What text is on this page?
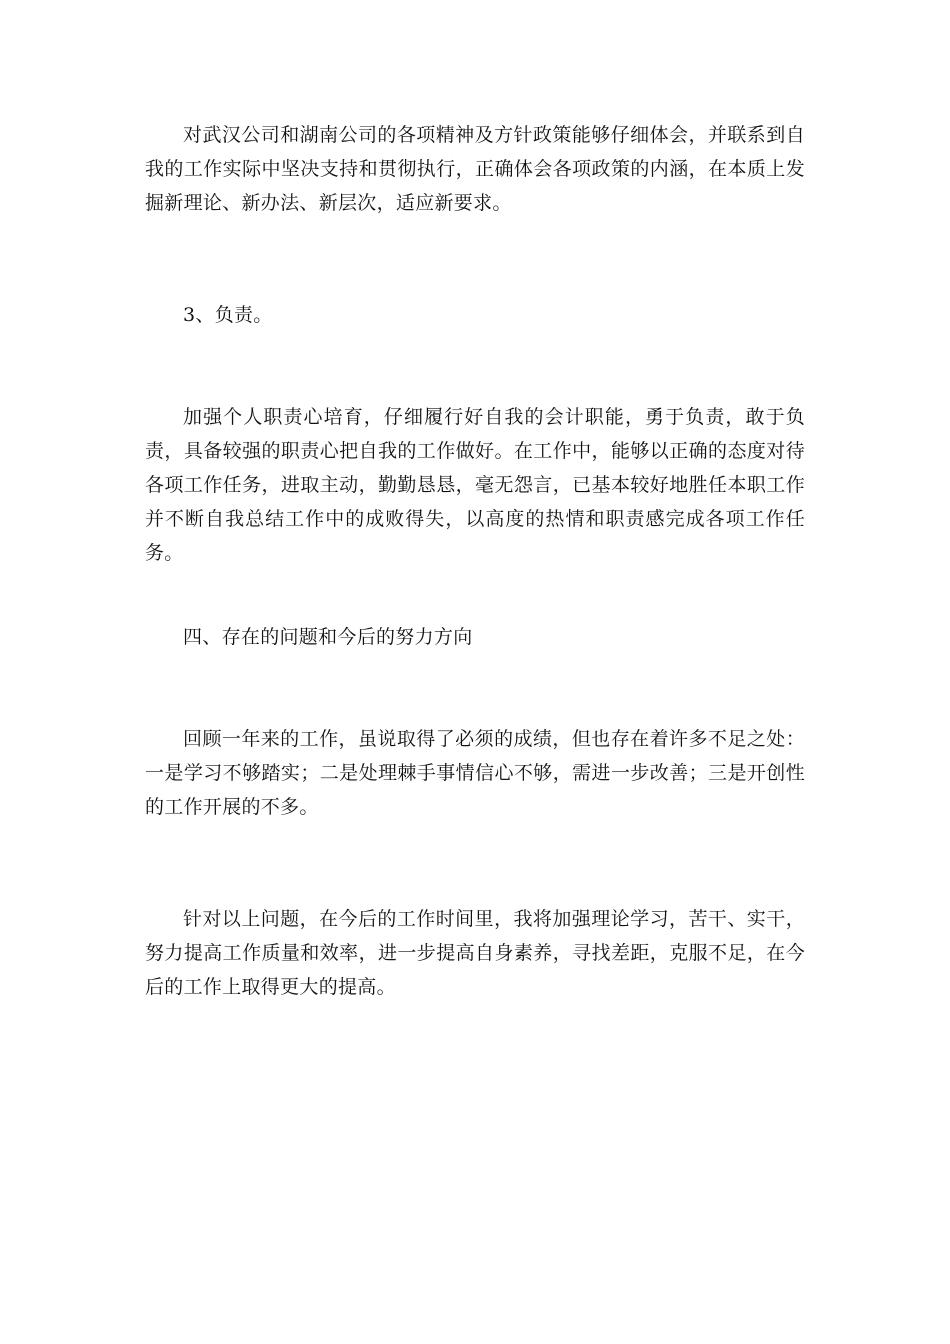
对武汉公司和湖南公司的各项精神及方针政策能够仔细体会，并联系到自我的工作实际中坚决支持和贯彻执行，正确体会各项政策的内涵，在本质上发掘新理论、新办法、新层次，适应新要求。

3、负责。

加强个人职责心培育，仔细履行好自我的会计职能，勇于负责，敢于负责，具备较强的职责心把自我的工作做好。在工作中，能够以正确的态度对待各项工作任务，进取主动，勤勤恳恳，毫无怨言，已基本较好地胜任本职工作并不断自我总结工作中的成败得失，以高度的热情和职责感完成各项工作任务。

四、存在的问题和今后的努力方向

回顾一年来的工作，虽说取得了必须的成绩，但也存在着许多不足之处：一是学习不够踏实；二是处理棘手事情信心不够，需进一步改善；三是开创性的工作开展的不多。

针对以上问题，在今后的工作时间里，我将加强理论学习，苦干、实干，努力提高工作质量和效率，进一步提高自身素养，寻找差距，克服不足，在今后的工作上取得更大的提高。
